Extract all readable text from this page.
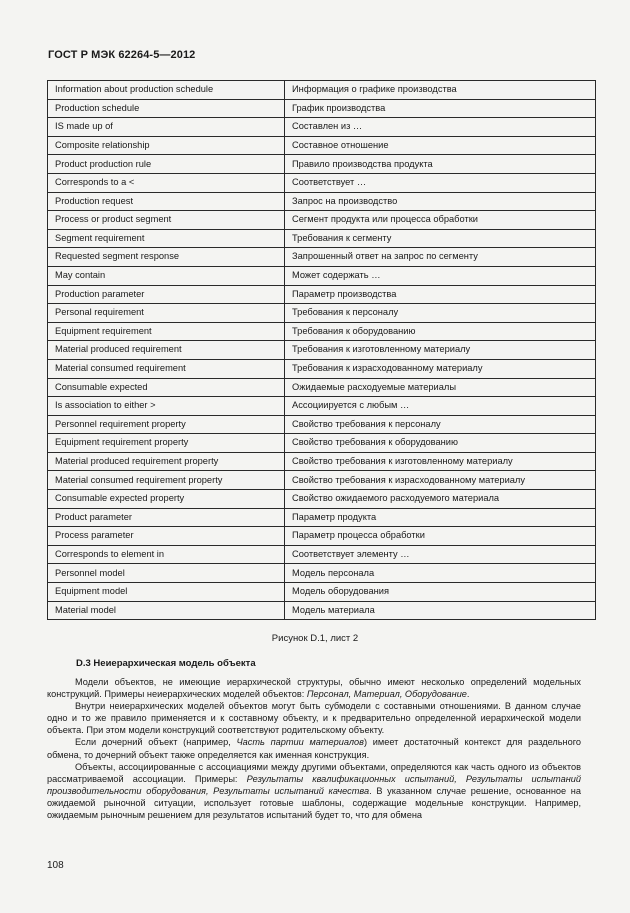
ГОСТ Р МЭК 62264-5—2012
Information about production schedule	Информация о графике производства
Production schedule	График производства
IS made up of	Составлен из …
Composite relationship	Составное отношение
Product production rule	Правило производства продукта
Corresponds to a <	Соответствует …
Production request	Запрос на производство
Process or product segment	Сегмент продукта или процесса обработки
Segment requirement	Требования к сегменту
Requested segment response	Запрошенный ответ на запрос по сегменту
May contain	Может содержать …
Production parameter	Параметр производства
Personal requirement	Требования к персоналу
Equipment requirement	Требования к оборудованию
Material produced requirement	Требования к изготовленному материалу
Material consumed requirement	Требования к израсходованному материалу
Consumable expected	Ожидаемые расходуемые материалы
Is association to either >	Ассоциируется с любым …
Personnel requirement property	Свойство требования к персоналу
Equipment requirement property	Свойство требования к оборудованию
Material produced requirement property	Свойство требования к изготовленному материалу
Material consumed requirement property	Свойство требования к израсходованному материалу
Consumable expected property	Свойство ожидаемого расходуемого материала
Product parameter	Параметр продукта
Process parameter	Параметр процесса обработки
Corresponds to element in	Соответствует элементу …
Personnel model	Модель персонала
Equipment model	Модель оборудования
Material model	Модель материала
Рисунок D.1, лист 2
D.3 Неиерархическая модель объекта

Модели объектов, не имеющие иерархической структуры, обычно имеют несколько определений модельных конструкций. Примеры неиерархических моделей объектов: Персонал, Материал, Оборудование.

Внутри неиерархических моделей объектов могут быть субмодели с составными отношениями. В данном случае одно и то же правило применяется и к составному объекту, и к предварительно определенной иерархической модели объекта. При этом модели конструкций соответствуют родительскому объекту.

Если дочерний объект (например, Часть партии материалов) имеет достаточный контекст для раздельного обмена, то дочерний объект также определяется как именная конструкция.

Объекты, ассоциированные с ассоциациями между другими объектами, определяются как часть одного из объектов рассматриваемой ассоциации. Примеры: Результаты квалификационных испытаний, Результаты испытаний производительности оборудования, Результаты испытаний качества. В указанном случае решение, основанное на ожидаемой рыночной ситуации, использует готовые шаблоны, содержащие модельные конструкции. Например, ожидаемым рыночным решением для результатов испытаний будет то, что для обмена

108
